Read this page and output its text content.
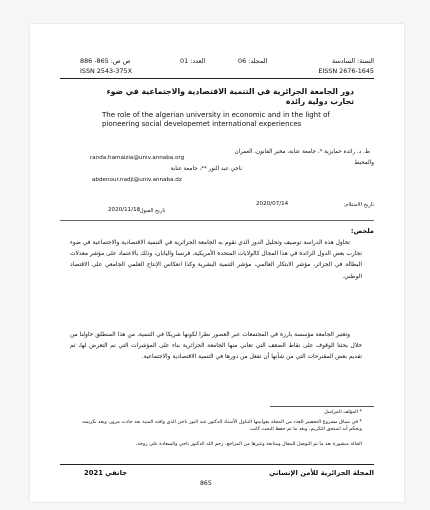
السنة: السادسة
المجلد: 06
العدد: 01
ص ص: 865- 886
ISSN 2543-375X	EISSN 2676-1645
دور الجامعة الجزائرية في التنمية الاقتصادية والاجتماعية في ضوء تجارب دولية رائدة
The role of the algerian university in economic and in the light of pioneering social developemet international experiences
ط. د. رائدة حمايزية *، جامعة عنابة، مخبر القانون، العمران
والمحيط
randa.hamaizia@univ.annaba.org
ناجي عبد النور **، جامعة عنابة
abdenour.nadji@univ.annaba.dz
تاريخ الاستلام:
2020/07/14
تاريخ القبول:
2020/11/18
ملخص:
تحاول هذه الدراسة توصيف وتحليل الدور الذي تقوم به الجامعة الجزائرية في التنمية الاقتصادية والاجتماعية في ضوء تجارب بعض الدول الرائدة في هذا المجال كالولايات المتحدة الأمريكية، فرنسا واليابان، وذلك بالاعتماد على مؤشر معدلات البطالة في الجزائر، مؤشر الابتكار العالمي، مؤشر التنمية البشرية وكذا انعكاس الإنتاج العلمي الجامعي على الاقتصاد الوطني.
وتعتبر الجامعة مؤسسة بارزة في المجتمعات عبر العصور نظرا لكونها شريكا في التنمية، من هذا المنطلق حاولنا من خلال بحثنا الوقوف على نقاط الضعف التي تعاني منها الجامعة الجزائرية بناء على المؤشرات التي تم التعرض لها، ثم تقديم بعض المقترحات التي من شأنها أن تفعل من دورها في التنمية الاقتصادية والاجتماعية.
* المؤلف المراسل
* في سياق مشروع التحضير للعدد من المجلة بقوانينها التناول الأستاذ الدكتور عبد النور ناجي الذي وافته المنية بعد حادث مرور، وبعد تكريمه، وبحكم أنه استحق التكريم، وبعد ما تم حفظ البحث كانت
الحالة منشورة بعد ما تم التوصل للمقال ومتابعة وغيرها من المراجع، رحم الله الدكتور ناجي والسعادة على روحه.
المجلة الجزائرية للأمن الإنساني
جانفي 2021
865
